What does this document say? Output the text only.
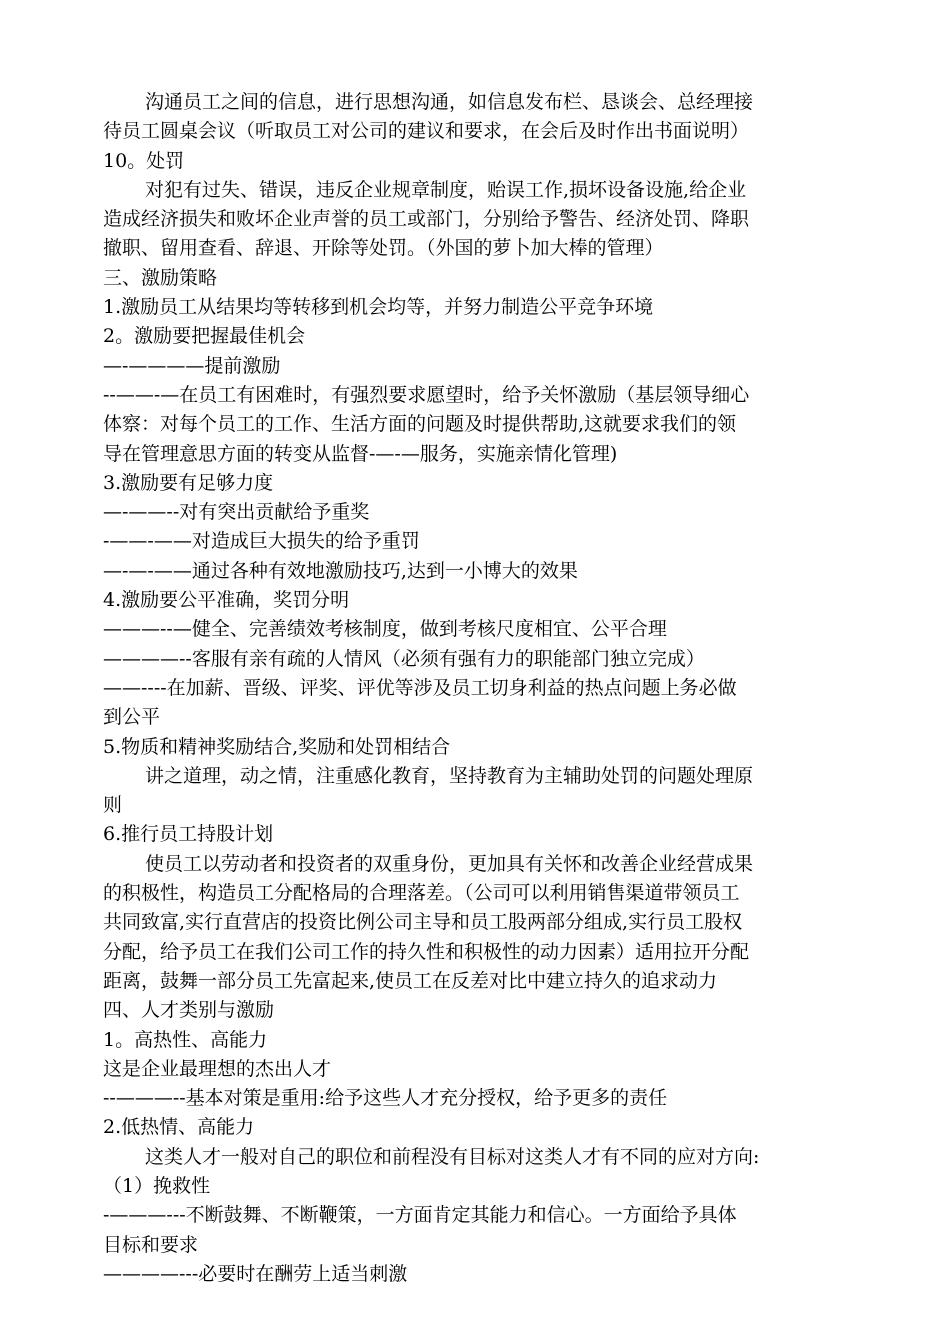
沟通员工之间的信息，进行思想沟通，如信息发布栏、恳谈会、总经理接
待员工圆桌会议（听取员工对公司的建议和要求，在会后及时作出书面说明）
10。处罚
对犯有过失、错误，违反企业规章制度，贻误工作,损坏设备设施,给企业
造成经济损失和败坏企业声誉的员工或部门，分别给予警告、经济处罚、降职
撤职、留用查看、辞退、开除等处罚。（外国的萝卜加大棒的管理）
三、激励策略
1.激励员工从结果均等转移到机会均等，并努力制造公平竞争环境
2。激励要把握最佳机会
—-————提前激励
--——-—在员工有困难时，有强烈要求愿望时，给予关怀激励（基层领导细心
体察：对每个员工的工作、生活方面的问题及时提供帮助,这就要求我们的领
导在管理意思方面的转变从监督-—-—服务，实施亲情化管理)
3.激励要有足够力度
—-——--对有突出贡献给予重奖
-——-——对造成巨大损失的给予重罚
—-—-——通过各种有效地激励技巧,达到一小博大的效果
4.激励要公平准确，奖罚分明
———--—健全、完善绩效考核制度，做到考核尺度相宜、公平合理
————--客服有亲有疏的人情风（必须有强有力的职能部门独立完成）
——----在加薪、晋级、评奖、评优等涉及员工切身利益的热点问题上务必做
到公平
5.物质和精神奖励结合,奖励和处罚相结合
讲之道理，动之情，注重感化教育，坚持教育为主辅助处罚的问题处理原
则
6.推行员工持股计划
使员工以劳动者和投资者的双重身份，更加具有关怀和改善企业经营成果
的积极性，构造员工分配格局的合理落差。（公司可以利用销售渠道带领员工
共同致富,实行直营店的投资比例公司主导和员工股两部分组成,实行员工股权
分配，给予员工在我们公司工作的持久性和积极性的动力因素）适用拉开分配
距离，鼓舞一部分员工先富起来,使员工在反差对比中建立持久的追求动力
四、人才类别与激励
1。高热性、高能力
这是企业最理想的杰出人才
--———--基本对策是重用:给予这些人才充分授权，给予更多的责任
2.低热情、高能力
这类人才一般对自己的职位和前程没有目标对这类人才有不同的应对方向:
（1）挽救性
-———---不断鼓舞、不断鞭策，一方面肯定其能力和信心。一方面给予具体
目标和要求
————---必要时在酬劳上适当刺激
